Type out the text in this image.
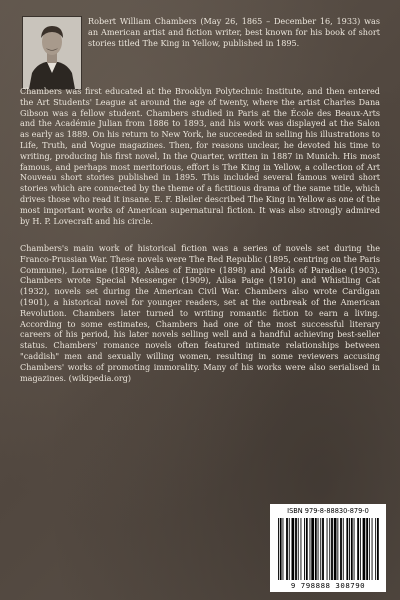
Robert William Chambers (May 26, 1865 – December 16, 1933) was an American artist and fiction writer, best known for his book of short stories titled The King in Yellow, published in 1895.

Chambers was first educated at the Brooklyn Polytechnic Institute, and then entered the Art Students' League at around the age of twenty, where the artist Charles Dana Gibson was a fellow student. Chambers studied in Paris at the École des Beaux-Arts and the Académie Julian from 1886 to 1893, and his work was displayed at the Salon as early as 1889. On his return to New York, he succeeded in selling his illustrations to Life, Truth, and Vogue magazines. Then, for reasons unclear, he devoted his time to writing, producing his first novel, In the Quarter, written in 1887 in Munich. His most famous, and perhaps most meritorious, effort is The King in Yellow, a collection of Art Nouveau short stories published in 1895. This included several famous weird short stories which are connected by the theme of a fictitious drama of the same title, which drives those who read it insane. E. F. Bleiler described The King in Yellow as one of the most important works of American supernatural fiction. It was also strongly admired by H. P. Lovecraft and his circle.

Chambers's main work of historical fiction was a series of novels set during the Franco-Prussian War. These novels were The Red Republic (1895, centring on the Paris Commune), Lorraine (1898), Ashes of Empire (1898) and Maids of Paradise (1903). Chambers wrote Special Messenger (1909), Ailsa Paige (1910) and Whistling Cat (1932), novels set during the American Civil War. Chambers also wrote Cardigan (1901), a historical novel for younger readers, set at the outbreak of the American Revolution. Chambers later turned to writing romantic fiction to earn a living. According to some estimates, Chambers had one of the most successful literary careers of his period, his later novels selling well and a handful achieving best-seller status. Chambers' romance novels often featured intimate relationships between "caddish" men and sexually willing women, resulting in some reviewers accusing Chambers' works of promoting immorality. Many of his works were also serialised in magazines. (wikipedia.org)

ISBN 979-8-88830-879-0
9 798888 308790
